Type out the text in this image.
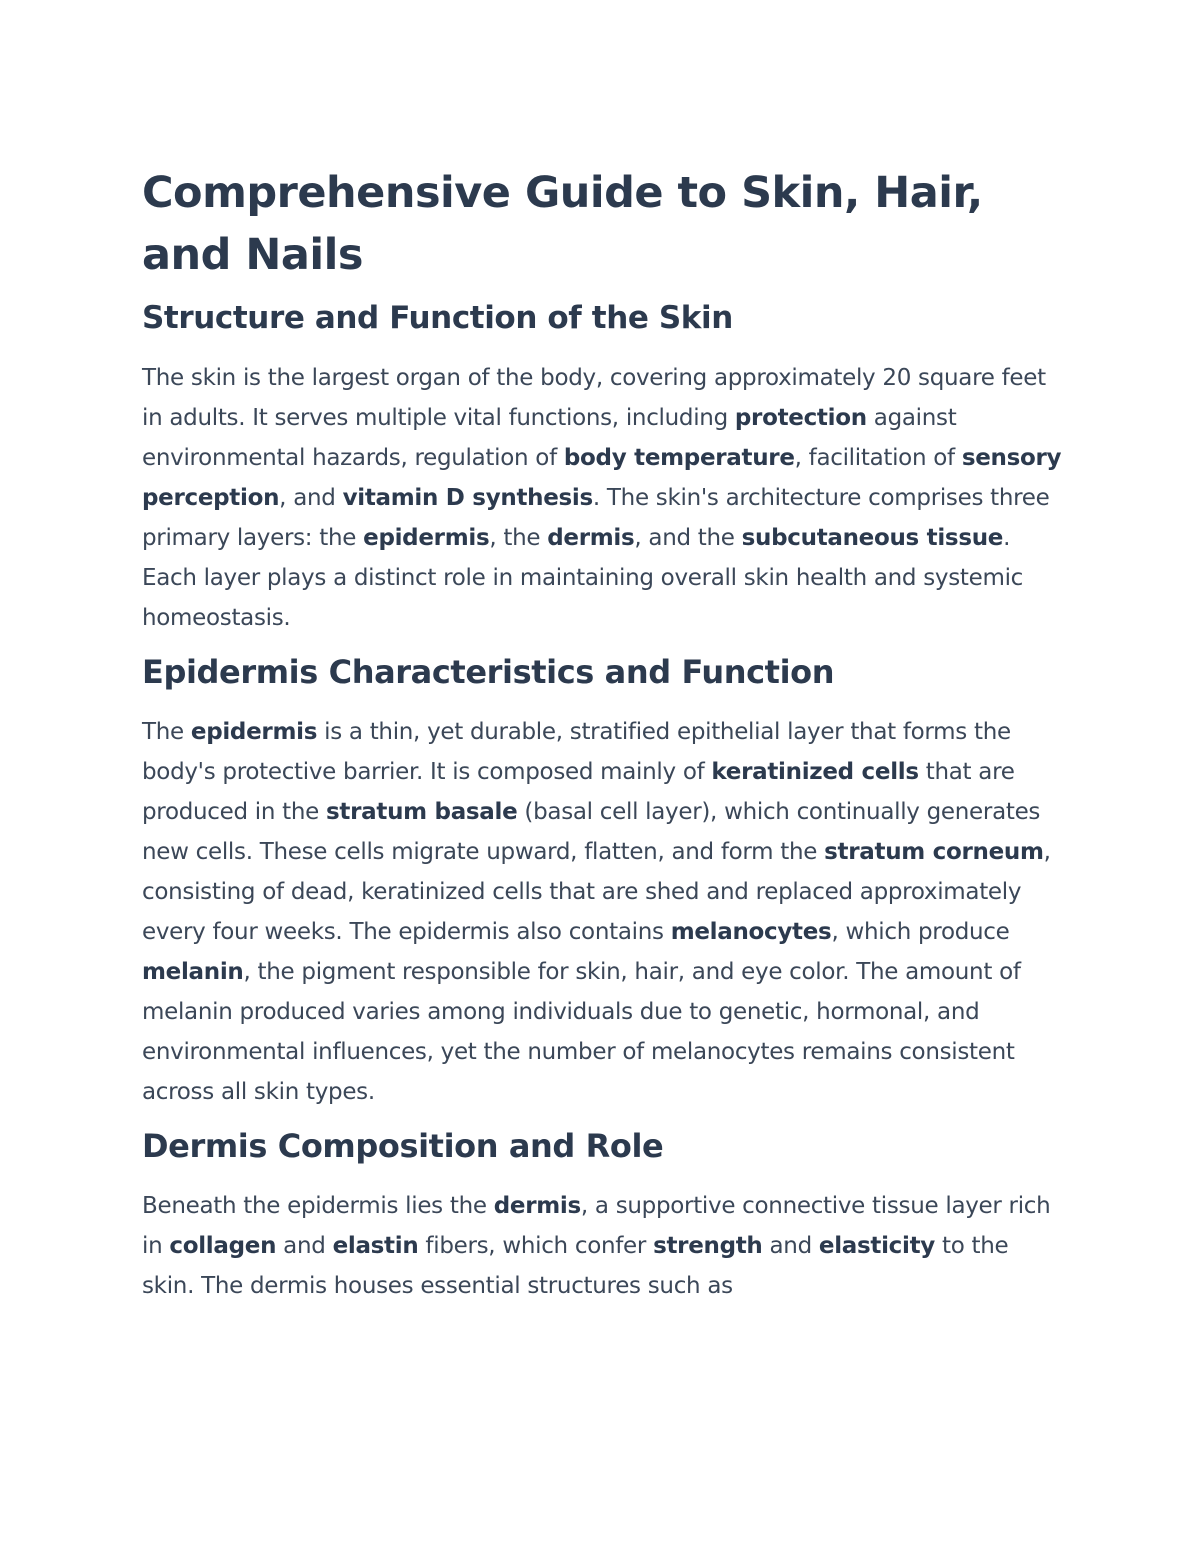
Comprehensive Guide to Skin, Hair, and Nails
Structure and Function of the Skin

The skin is the largest organ of the body, covering approximately 20 square feet in adults. It serves multiple vital functions, including protection against environmental hazards, regulation of body temperature, facilitation of sensory perception, and vitamin D synthesis. The skin's architecture comprises three primary layers: the epidermis, the dermis, and the subcutaneous tissue. Each layer plays a distinct role in maintaining overall skin health and systemic homeostasis.

Epidermis Characteristics and Function

The epidermis is a thin, yet durable, stratified epithelial layer that forms the body's protective barrier. It is composed mainly of keratinized cells that are produced in the stratum basale (basal cell layer), which continually generates new cells. These cells migrate upward, flatten, and form the stratum corneum, consisting of dead, keratinized cells that are shed and replaced approximately every four weeks. The epidermis also contains melanocytes, which produce melanin, the pigment responsible for skin, hair, and eye color. The amount of melanin produced varies among individuals due to genetic, hormonal, and environmental influences, yet the number of melanocytes remains consistent across all skin types.

Dermis Composition and Role

Beneath the epidermis lies the dermis, a supportive connective tissue layer rich in collagen and elastin fibers, which confer strength and elasticity to the skin. The dermis houses essential structures such as
